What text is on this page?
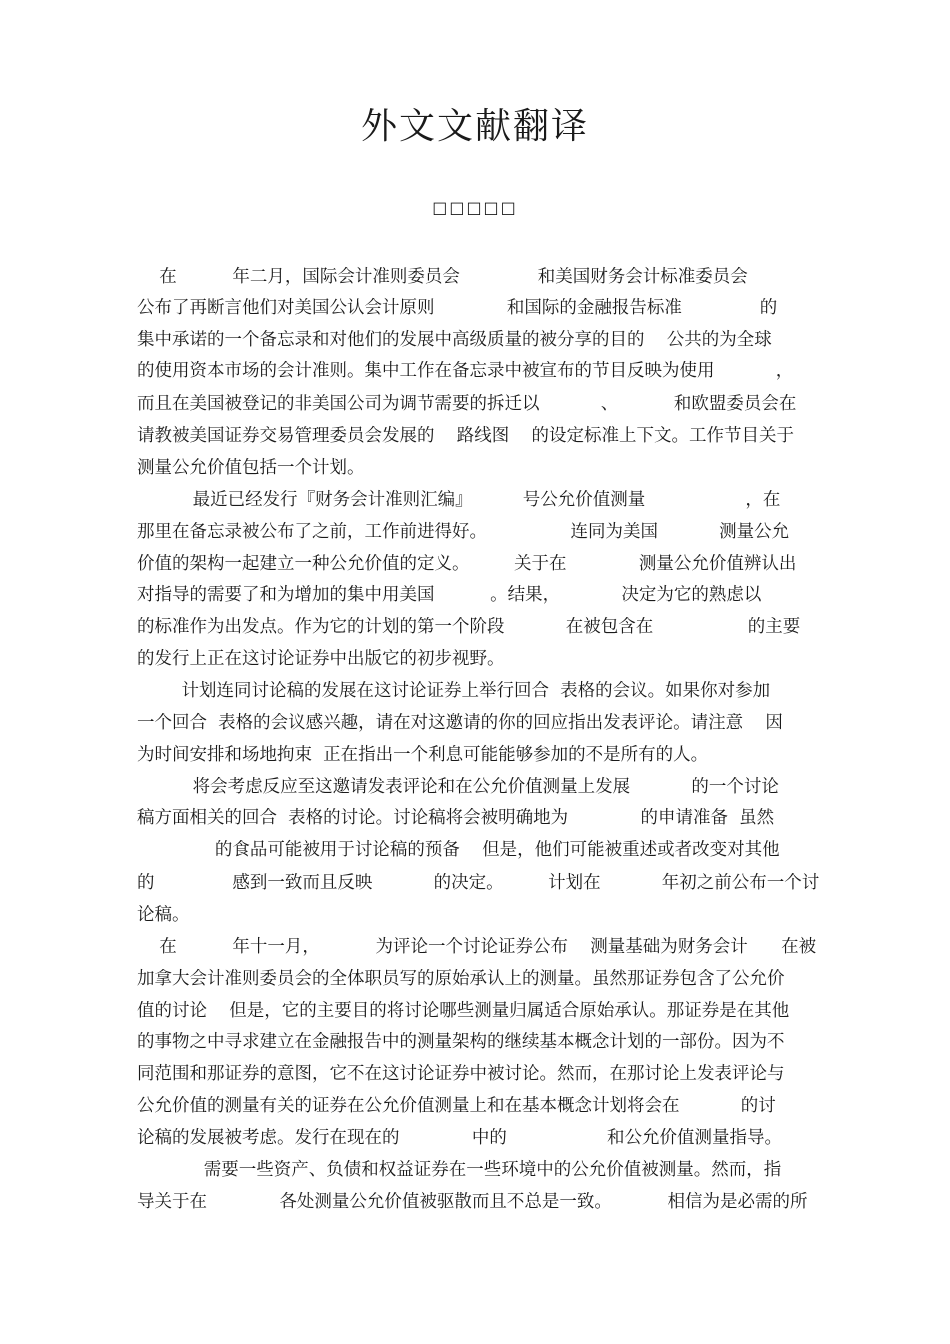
外文文献翻译
□□□□□
在          年二月，国际会计准则委员会              和美国财务会计标准委员会
公布了再断言他们对美国公认会计原则             和国际的金融报告标准              的
集中承诺的一个备忘录和对他们的发展中高级质量的被分享的目的    公共的为全球
的使用资本市场的会计准则。集中工作在备忘录中被宣布的节目反映为使用           ，
而且在美国被登记的非美国公司为调节需要的拆迁以           、          和欧盟委员会在
请教被美国证券交易管理委员会发展的    路线图    的设定标准上下文。工作节目关于
测量公允价值包括一个计划。
最近已经发行『财务会计准则汇编』         号公允价值测量                  ，在
那里在备忘录被公布了之前，工作前进得好。               连同为美国           测量公允
价值的架构一起建立一种公允价值的定义。        关于在             测量公允价值辨认出
对指导的需要了和为增加的集中用美国          。结果，           决定为它的熟虑以
的标准作为出发点。作为它的计划的第一个阶段           在被包含在                 的主要
的发行上正在这讨论证券中出版它的初步视野。
计划连同讨论稿的发展在这讨论证券上举行回合  表格的会议。如果你对参加
一个回合  表格的会议感兴趣，请在对这邀请的你的回应指出发表评论。请注意    因
为时间安排和场地拘束  正在指出一个利息可能能够参加的不是所有的人。
将会考虑反应至这邀请发表评论和在公允价值测量上发展           的一个讨论
稿方面相关的回合  表格的讨论。讨论稿将会被明确地为             的申请准备  虽然
的食品可能被用于讨论稿的预备    但是，他们可能被重述或者改变对其他
的              感到一致而且反映           的决定。        计划在           年初之前公布一个讨
论稿。
在          年十一月，          为评论一个讨论证券公布    测量基础为财务会计      在被
加拿大会计准则委员会的全体职员写的原始承认上的测量。虽然那证券包含了公允价
值的讨论    但是，它的主要目的将讨论哪些测量归属适合原始承认。那证券是在其他
的事物之中寻求建立在金融报告中的测量架构的继续基本概念计划的一部份。因为不
同范围和那证券的意图，它不在这讨论证券中被讨论。然而，在那讨论上发表评论与
公允价值的测量有关的证券在公允价值测量上和在基本概念计划将会在           的讨
论稿的发展被考虑。发行在现在的             中的                  和公允价值测量指导。
需要一些资产、负债和权益证券在一些环境中的公允价值被测量。然而，指
导关于在             各处测量公允价值被驱散而且不总是一致。          相信为是必需的所
